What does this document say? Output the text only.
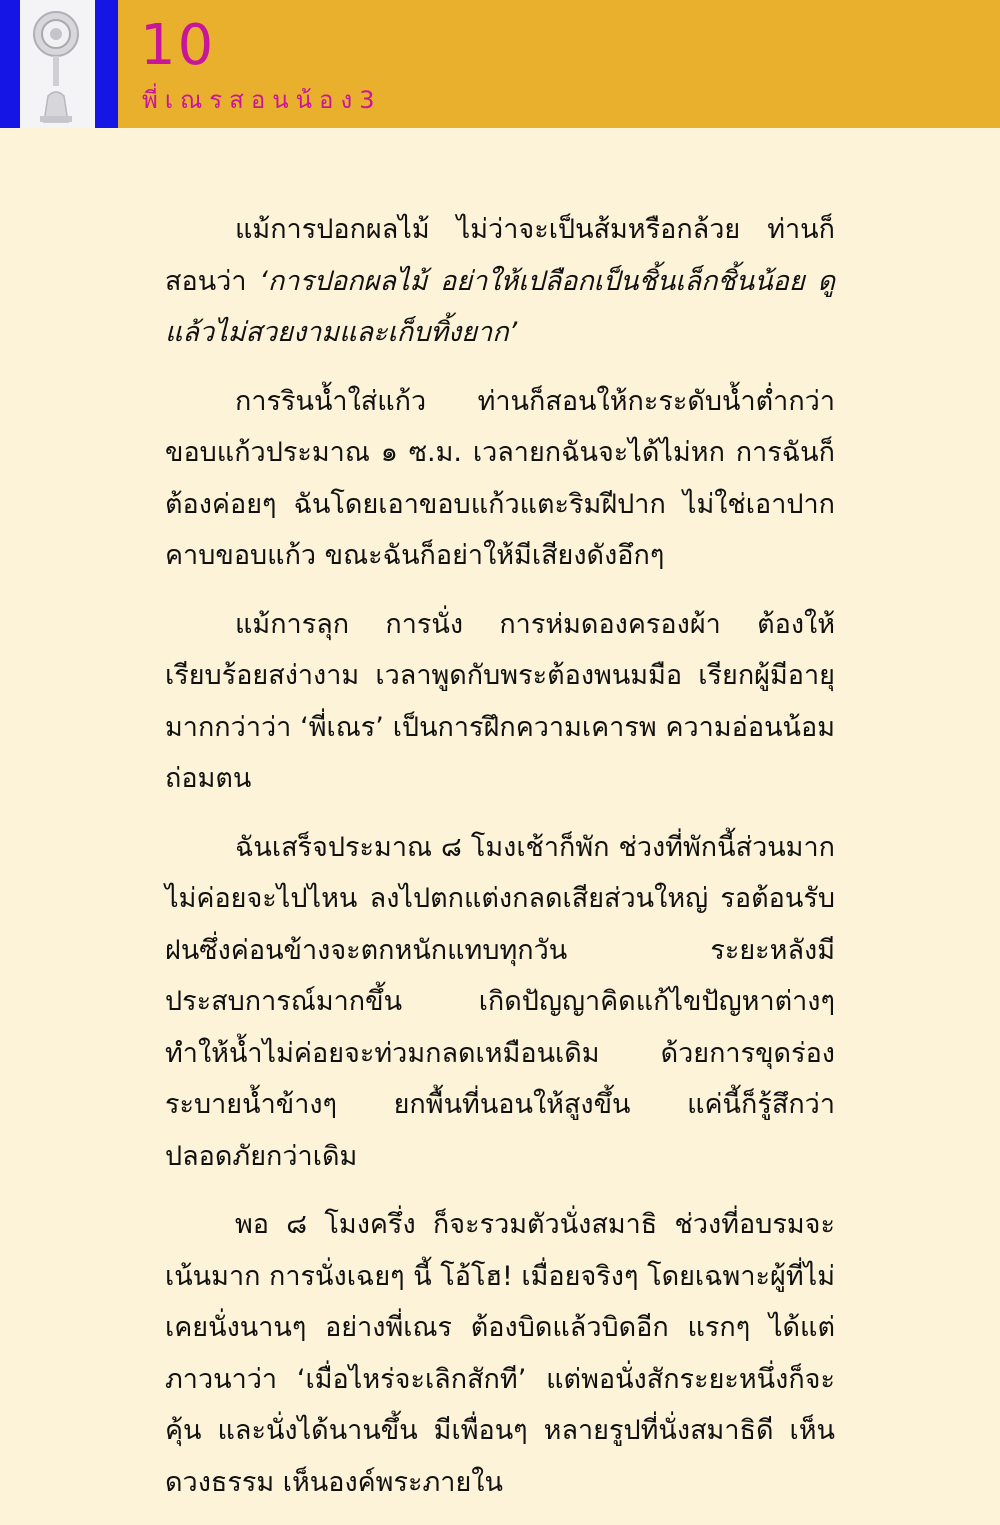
10
พี่เณรสอนน้อง3

แม้การปอกผลไม้ ไม่ว่าจะเป็นส้มหรือกล้วย ท่านก็สอนว่า ‘การปอกผลไม้ อย่าให้เปลือกเป็นชิ้นเล็กชิ้นน้อย ดูแล้วไม่สวยงามและเก็บทิ้งยาก’

การรินน้ำใส่แก้ว ท่านก็สอนให้กะระดับน้ำต่ำกว่าขอบแก้วประมาณ ๑ ซ.ม. เวลายกฉันจะได้ไม่หก การฉันก็ต้องค่อยๆ ฉันโดยเอาขอบแก้วแตะริมฝีปาก ไม่ใช่เอาปากคาบขอบแก้ว ขณะฉันก็อย่าให้มีเสียงดังอึกๆ

แม้การลุก การนั่ง การห่มดองครองผ้า ต้องให้เรียบร้อยสง่างาม เวลาพูดกับพระต้องพนมมือ เรียกผู้มีอายุมากกว่าว่า ‘พี่เณร’ เป็นการฝึกความเคารพ ความอ่อนน้อมถ่อมตน

ฉันเสร็จประมาณ ๘ โมงเช้าก็พัก ช่วงที่พักนี้ส่วนมากไม่ค่อยจะไปไหน ลงไปตกแต่งกลดเสียส่วนใหญ่ รอต้อนรับฝนซึ่งค่อนข้างจะตกหนักแทบทุกวัน ระยะหลังมีประสบการณ์มากขึ้น เกิดปัญญาคิดแก้ไขปัญหาต่างๆ ทำให้น้ำไม่ค่อยจะท่วมกลดเหมือนเดิม ด้วยการขุดร่องระบายน้ำข้างๆ ยกพื้นที่นอนให้สูงขึ้น แค่นี้ก็รู้สึกว่าปลอดภัยกว่าเดิม

พอ ๘ โมงครึ่ง ก็จะรวมตัวนั่งสมาธิ ช่วงที่อบรมจะเน้นมาก การนั่งเฉยๆ นี้ โอ้โฮ! เมื่อยจริงๆ โดยเฉพาะผู้ที่ไม่เคยนั่งนานๆ อย่างพี่เณร ต้องบิดแล้วบิดอีก แรกๆ ได้แต่ภาวนาว่า ‘เมื่อไหร่จะเลิกสักที’ แต่พอนั่งสักระยะหนึ่งก็จะคุ้น และนั่งได้นานขึ้น มีเพื่อนๆ หลายรูปที่นั่งสมาธิดี เห็นดวงธรรม เห็นองค์พระภายใน
